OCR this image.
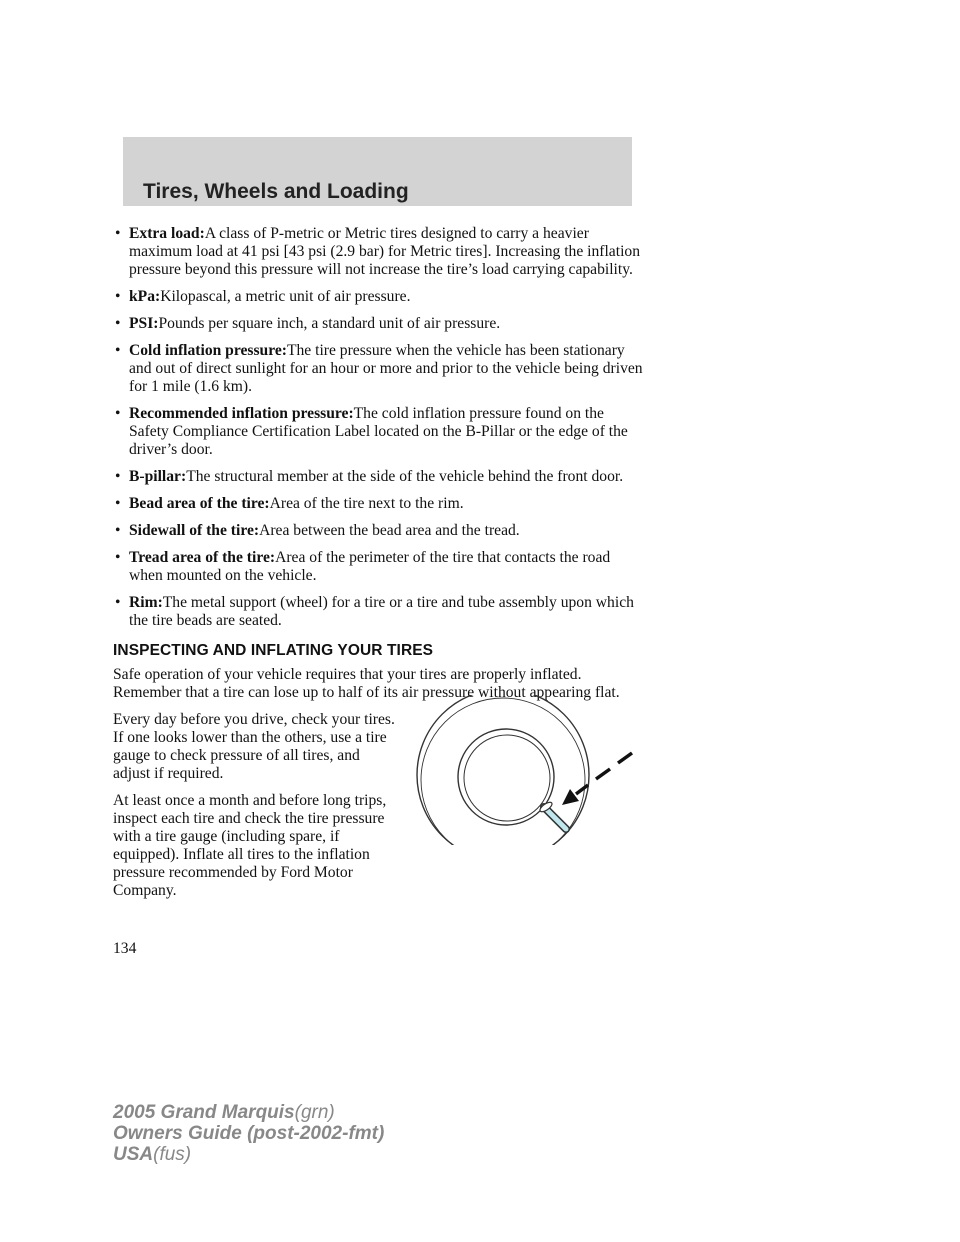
Tires, Wheels and Loading
• Extra load:A class of P-metric or Metric tires designed to carry a heavier maximum load at 41 psi [43 psi (2.9 bar) for Metric tires]. Increasing the inflation pressure beyond this pressure will not increase the tire’s load carrying capability.
• kPa:Kilopascal, a metric unit of air pressure.
• PSI:Pounds per square inch, a standard unit of air pressure.
• Cold inflation pressure:The tire pressure when the vehicle has been stationary and out of direct sunlight for an hour or more and prior to the vehicle being driven for 1 mile (1.6 km).
• Recommended inflation pressure:The cold inflation pressure found on the Safety Compliance Certification Label located on the B-Pillar or the edge of the driver’s door.
• B-pillar:The structural member at the side of the vehicle behind the front door.
• Bead area of the tire:Area of the tire next to the rim.
• Sidewall of the tire:Area between the bead area and the tread.
• Tread area of the tire:Area of the perimeter of the tire that contacts the road when mounted on the vehicle.
• Rim:The metal support (wheel) for a tire or a tire and tube assembly upon which the tire beads are seated.
INSPECTING AND INFLATING YOUR TIRES

Safe operation of your vehicle requires that your tires are properly inflated. Remember that a tire can lose up to half of its air pressure without appearing flat.

Every day before you drive, check your tires. If one looks lower than the others, use a tire gauge to check pressure of all tires, and adjust if required.

At least once a month and before long trips, inspect each tire and check the tire pressure with a tire gauge (including spare, if equipped). Inflate all tires to the inflation pressure recommended by Ford Motor Company.

134
2005 Grand Marquis(grn)
Owners Guide (post-2002-fmt)
USA(fus)
